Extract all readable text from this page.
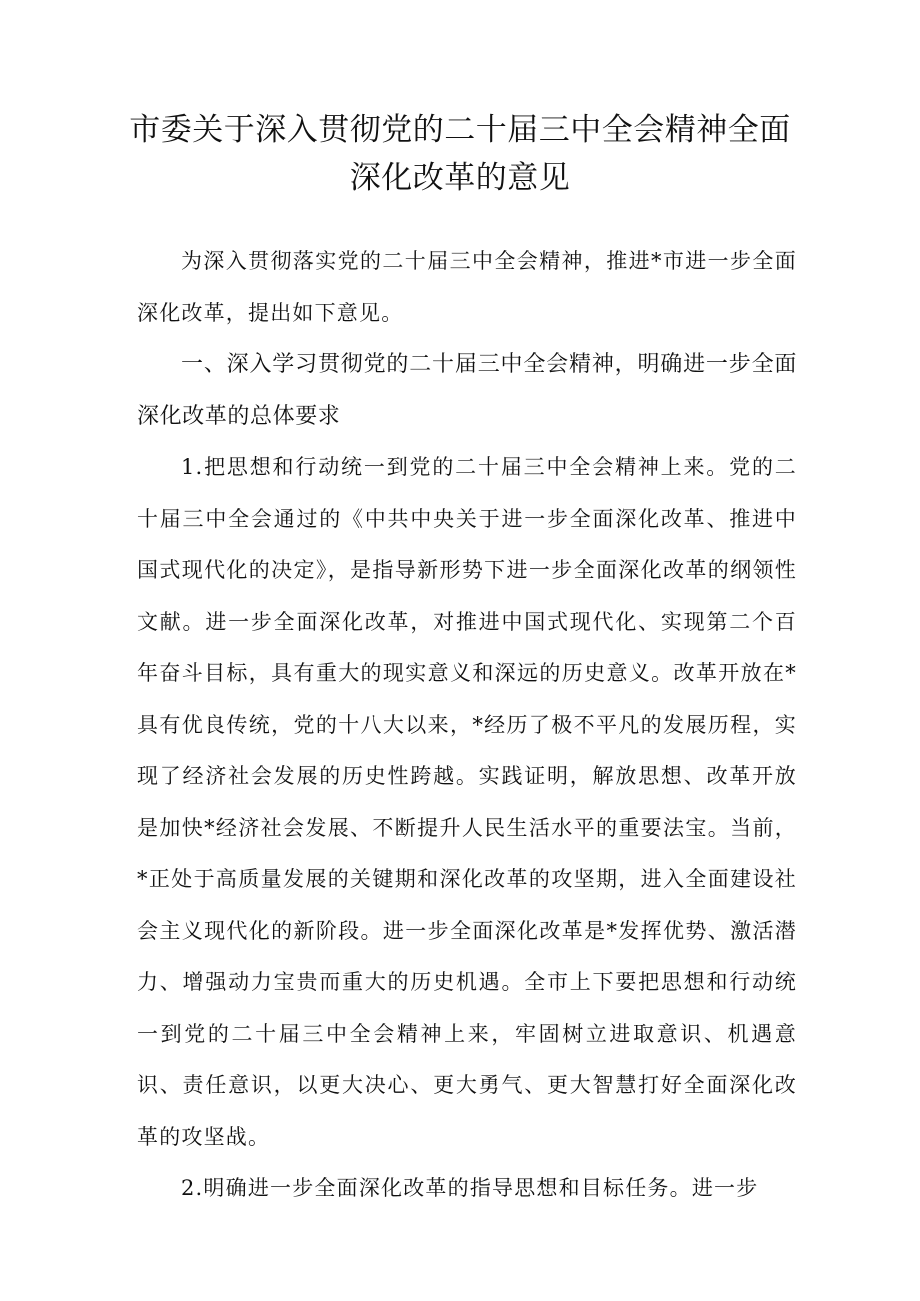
市委关于深入贯彻党的二十届三中全会精神全面深化改革的意见

为深入贯彻落实党的二十届三中全会精神，推进*市进一步全面深化改革，提出如下意见。

一、深入学习贯彻党的二十届三中全会精神，明确进一步全面深化改革的总体要求

1.把思想和行动统一到党的二十届三中全会精神上来。党的二十届三中全会通过的《中共中央关于进一步全面深化改革、推进中国式现代化的决定》，是指导新形势下进一步全面深化改革的纲领性文献。进一步全面深化改革，对推进中国式现代化、实现第二个百年奋斗目标，具有重大的现实意义和深远的历史意义。改革开放在*具有优良传统，党的十八大以来，*经历了极不平凡的发展历程，实现了经济社会发展的历史性跨越。实践证明，解放思想、改革开放是加快*经济社会发展、不断提升人民生活水平的重要法宝。当前，*正处于高质量发展的关键期和深化改革的攻坚期，进入全面建设社会主义现代化的新阶段。进一步全面深化改革是*发挥优势、激活潜力、增强动力宝贵而重大的历史机遇。全市上下要把思想和行动统一到党的二十届三中全会精神上来，牢固树立进取意识、机遇意识、责任意识，以更大决心、更大勇气、更大智慧打好全面深化改革的攻坚战。

2.明确进一步全面深化改革的指导思想和目标任务。进一步
